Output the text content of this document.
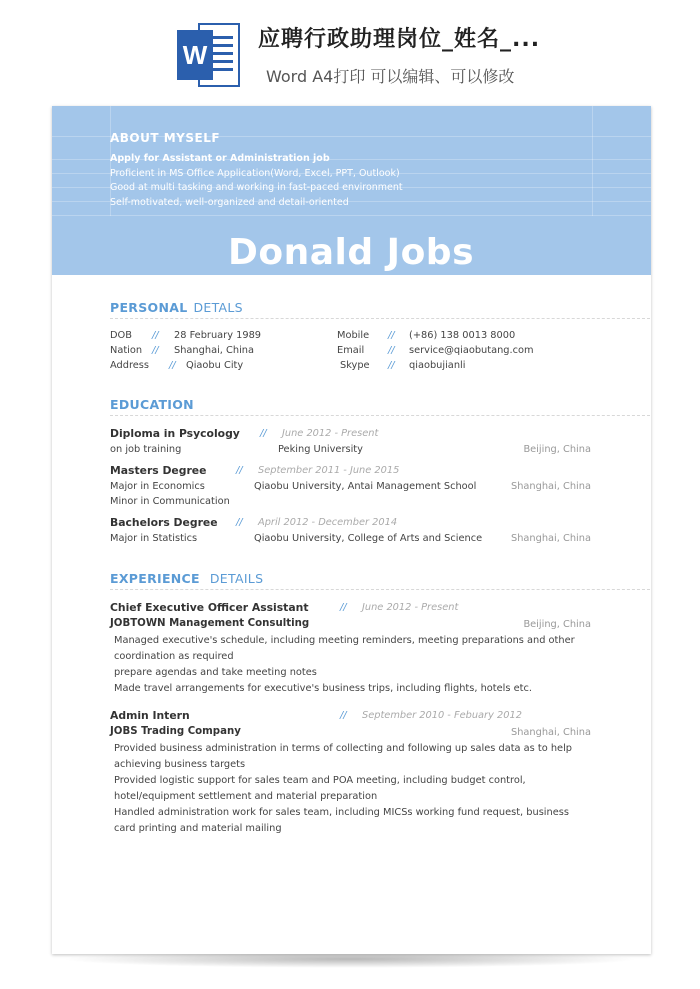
W
应聘行政助理岗位_姓名_...
Word A4打印 可以编辑、可以修改
ABOUT MYSELF
Apply for Assistant or Administration job
Proficient in MS Office Application(Word, Excel, PPT, Outlook)
Good at multi tasking and working in fast-paced environment
Self-motivated, well-organized and detail-oriented
Donald Jobs
PERSONAL DETALS
DOB // 28 February 1989	Mobile // (+86) 138 0013 8000
Nation // Shanghai, China	Email // service@qiaobutang.com
Address // Qiaobu City	Skype // qiaobujianli
EDUCATION
Diploma in Psycology // June 2012 - Present
on job training	Peking University	Beijing, China
Masters Degree	// September 2011 - June 2015
Major in Economics	Qiaobu University, Antai Management School	Shanghai, China
Minor in Communication
Bachelors Degree // April 2012 - December 2014
Major in Statistics	Qiaobu University, College of Arts and Science	Shanghai, China
EXPERIENCE DETAILS
Chief Executive Officer Assistant	// June 2012 - Present
JOBTOWN Management Consulting	Beijing, China
Managed executive's schedule, including meeting reminders, meeting preparations and other
coordination as required
prepare agendas and take meeting notes
Made travel arrangements for executive's business trips, including flights, hotels etc.
Admin Intern	// September 2010 - Febuary 2012
JOBS Trading Company	Shanghai, China
Provided business administration in terms of collecting and following up sales data as to help
achieving business targets
Provided logistic support for sales team and POA meeting, including budget control,
hotel/equipment settlement and material preparation
Handled administration work for sales team, including MICSs working fund request, business
card printing and material mailing
